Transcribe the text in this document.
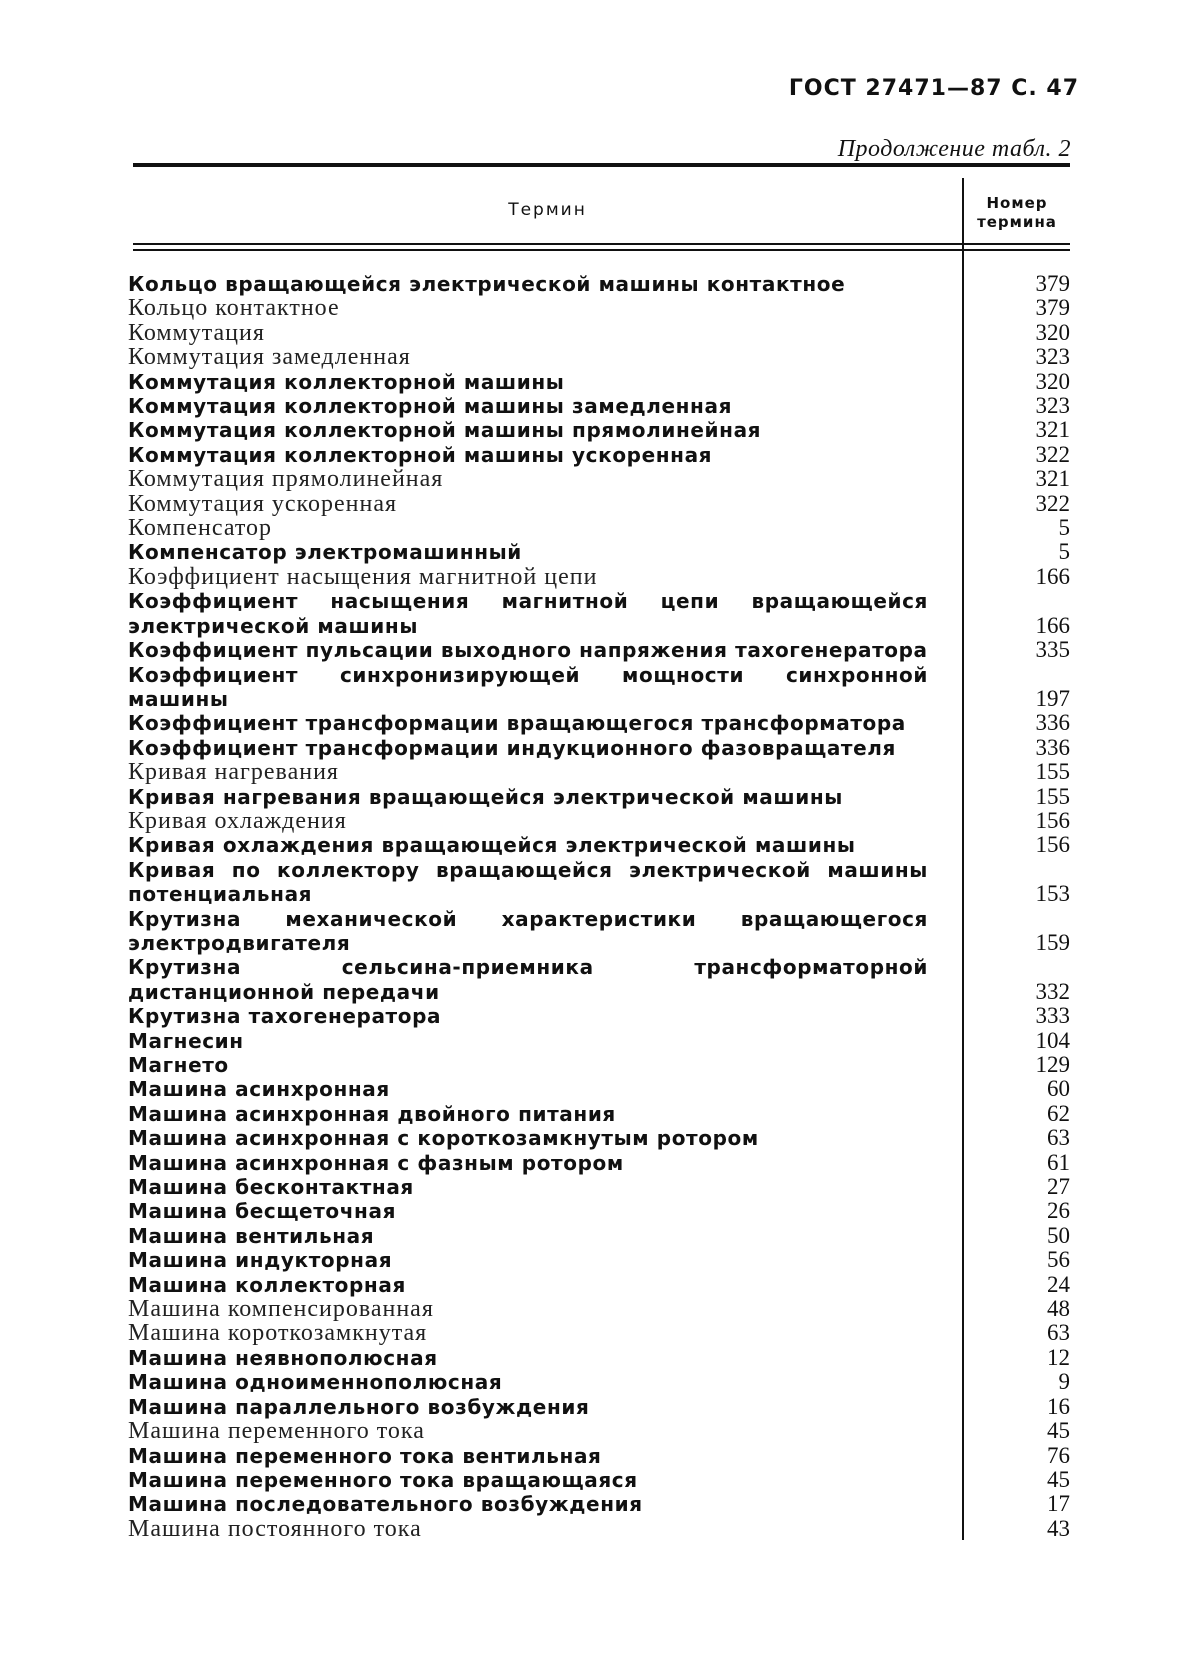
ГОСТ 27471—87 С. 47
Продолжение табл. 2
Термин	Номер
термина
Кольцо вращающейся электрической машины контактное	379
Кольцо контактное	379
Коммутация	320
Коммутация замедленная	323
Коммутация коллекторной машины	320
Коммутация коллекторной машины замедленная	323
Коммутация коллекторной машины прямолинейная	321
Коммутация коллекторной машины ускоренная	322
Коммутация прямолинейная	321
Коммутация ускоренная	322
Компенсатор	5
Компенсатор электромашинный	5
Коэффициент насыщения магнитной цепи	166
Коэффициент насыщения магнитной цепи вращающейся электрической машины	166
Коэффициент пульсации выходного напряжения тахогенератора	335
Коэффициент синхронизирующей мощности синхронной машины	197
Коэффициент трансформации вращающегося трансформатора	336
Коэффициент трансформации индукционного фазовращателя	336
Кривая нагревания	155
Кривая нагревания вращающейся электрической машины	155
Кривая охлаждения	156
Кривая охлаждения вращающейся электрической машины	156
Кривая по коллектору вращающейся электрической машины потенциальная	153
Крутизна механической характеристики вращающегося электродвигателя	159
Крутизна сельсина-приемника трансформаторной дистанционной передачи	332
Крутизна тахогенератора	333
Магнесин	104
Магнето	129
Машина асинхронная	60
Машина асинхронная двойного питания	62
Машина асинхронная с короткозамкнутым ротором	63
Машина асинхронная с фазным ротором	61
Машина бесконтактная	27
Машина бесщеточная	26
Машина вентильная	50
Машина индукторная	56
Машина коллекторная	24
Машина компенсированная	48
Машина короткозамкнутая	63
Машина неявнополюсная	12
Машина одноименнополюсная	9
Машина параллельного возбуждения	16
Машина переменного тока	45
Машина переменного тока вентильная	76
Машина переменного тока вращающаяся	45
Машина последовательного возбуждения	17
Машина постоянного тока	43
